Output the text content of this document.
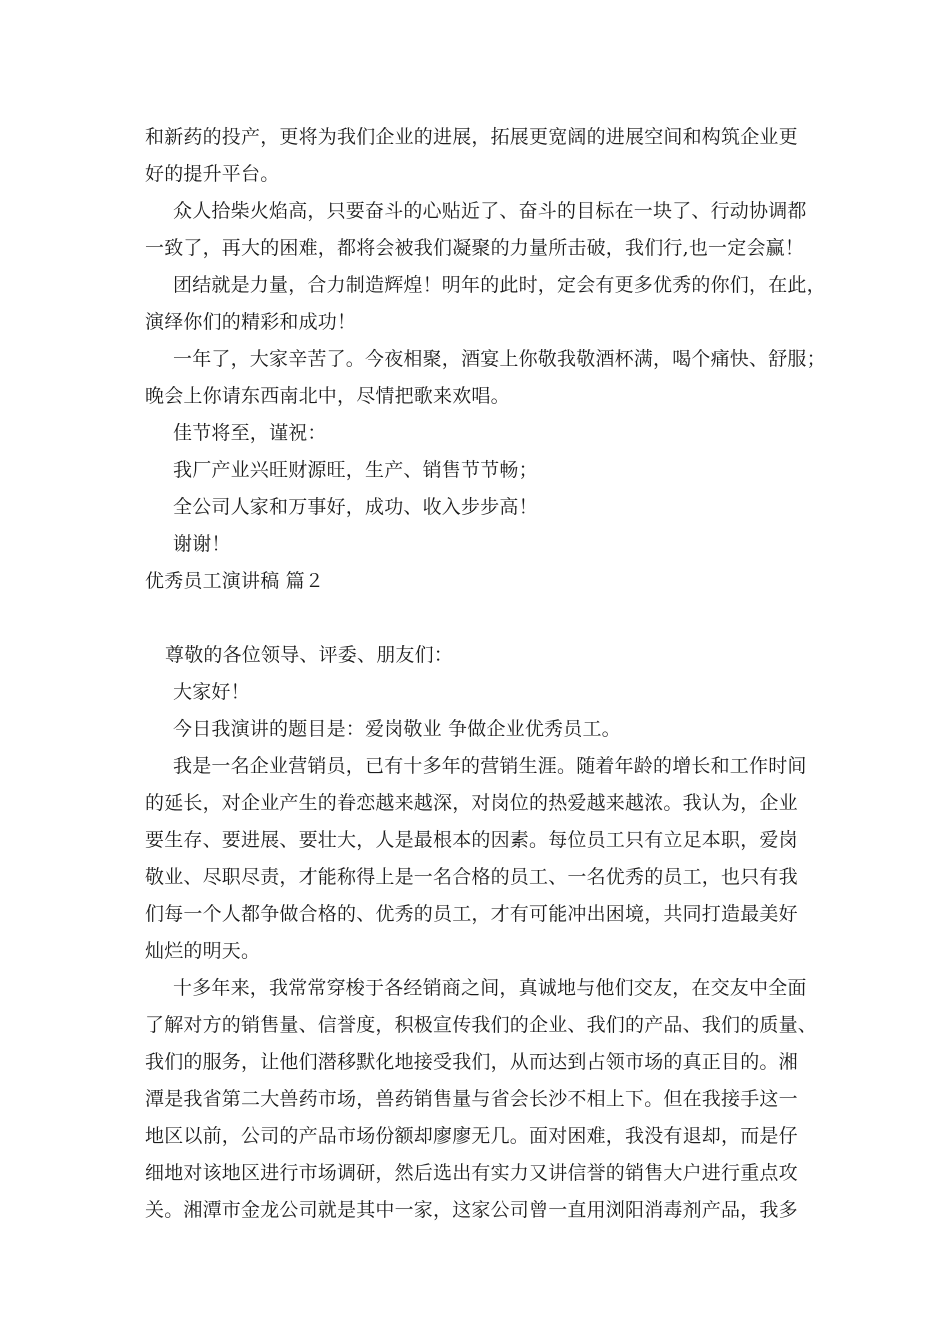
和新药的投产，更将为我们企业的进展，拓展更宽阔的进展空间和构筑企业更
好的提升平台。
众人拾柴火焰高，只要奋斗的心贴近了、奋斗的目标在一块了、行动协调都
一致了，再大的困难，都将会被我们凝聚的力量所击破，我们行,也一定会赢！
团结就是力量，合力制造辉煌！明年的此时，定会有更多优秀的你们，在此，
演绎你们的精彩和成功！
一年了，大家辛苦了。今夜相聚，酒宴上你敬我敬酒杯满，喝个痛快、舒服；
晚会上你请东西南北中，尽情把歌来欢唱。
佳节将至，谨祝：
我厂产业兴旺财源旺，生产、销售节节畅；
全公司人家和万事好，成功、收入步步高！
谢谢！
优秀员工演讲稿 篇２
尊敬的各位领导、评委、朋友们：
大家好！
今日我演讲的题目是：爱岗敬业 争做企业优秀员工。
我是一名企业营销员，已有十多年的营销生涯。随着年龄的增长和工作时间
的延长，对企业产生的眷恋越来越深，对岗位的热爱越来越浓。我认为，企业
要生存、要进展、要壮大，人是最根本的因素。每位员工只有立足本职，爱岗
敬业、尽职尽责，才能称得上是一名合格的员工、一名优秀的员工，也只有我
们每一个人都争做合格的、优秀的员工，才有可能冲出困境，共同打造最美好
灿烂的明天。
十多年来，我常常穿梭于各经销商之间，真诚地与他们交友，在交友中全面
了解对方的销售量、信誉度，积极宣传我们的企业、我们的产品、我们的质量、
我们的服务，让他们潜移默化地接受我们，从而达到占领市场的真正目的。湘
潭是我省第二大兽药市场，兽药销售量与省会长沙不相上下。但在我接手这一
地区以前，公司的产品市场份额却廖廖无几。面对困难，我没有退却，而是仔
细地对该地区进行市场调研，然后选出有实力又讲信誉的销售大户进行重点攻
关。湘潭市金龙公司就是其中一家，这家公司曾一直用浏阳消毒剂产品，我多
